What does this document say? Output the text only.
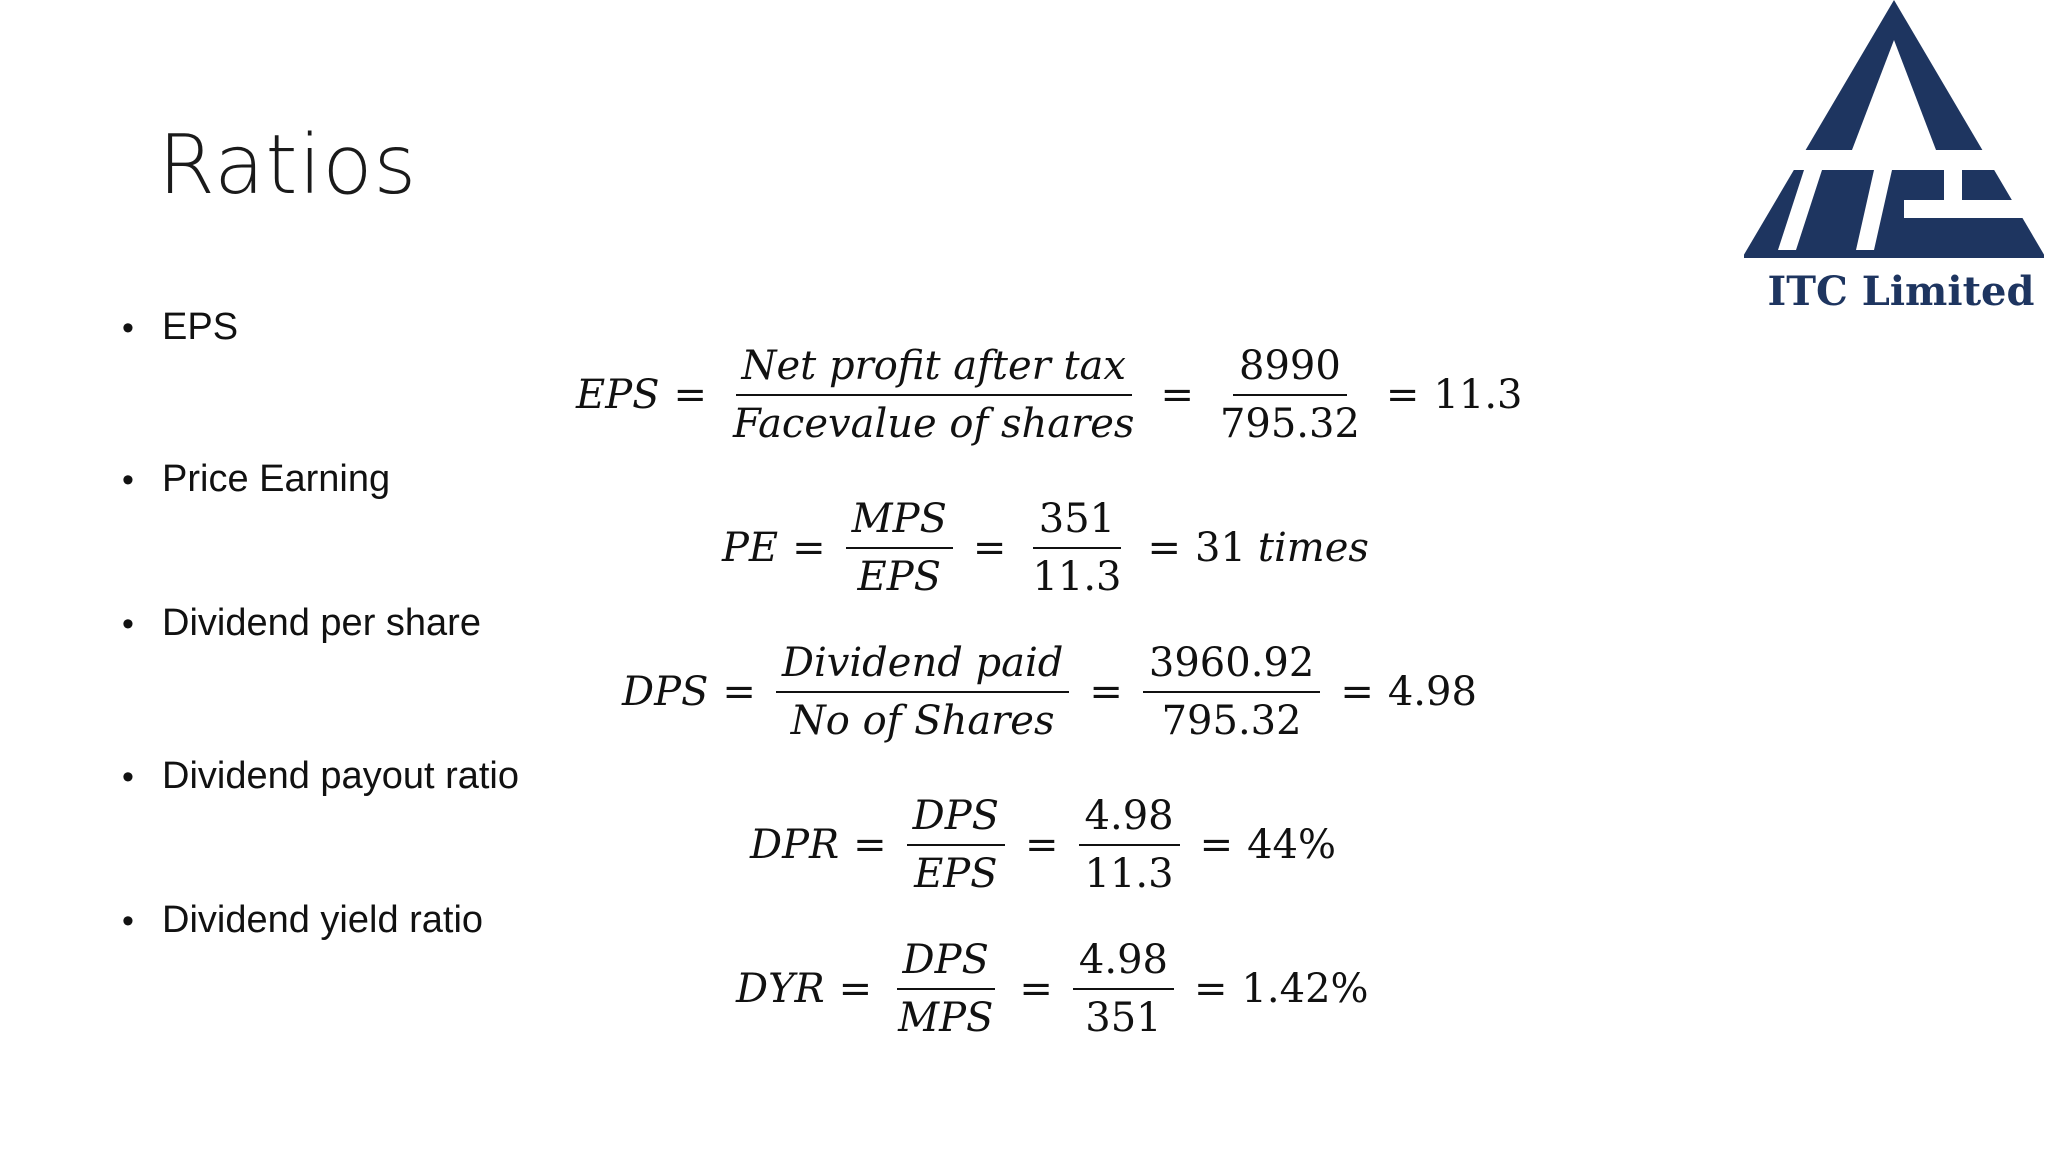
Ratios
ITC Limited
• EPS
• Price Earning
• Dividend per share
• Dividend payout ratio
• Dividend yield ratio
EPS = $\frac{\text{Net profit after tax}}{\text{Facevalue of shares}} = \frac{8990}{795.32} = 11.3$
PE = $\frac{\text{MPS}}{\text{EPS}} = \frac{351}{11.3} = 31$ times
DPS = $\frac{\text{Dividend paid}}{\text{No of Shares}} = \frac{3960.92}{795.32} = 4.98$
DPR = $\frac{\text{DPS}}{\text{EPS}} = \frac{4.98}{11.3} = 44\%$
DYR = $\frac{\text{DPS}}{\text{MPS}} = \frac{4.98}{351} = 1.42\%$
